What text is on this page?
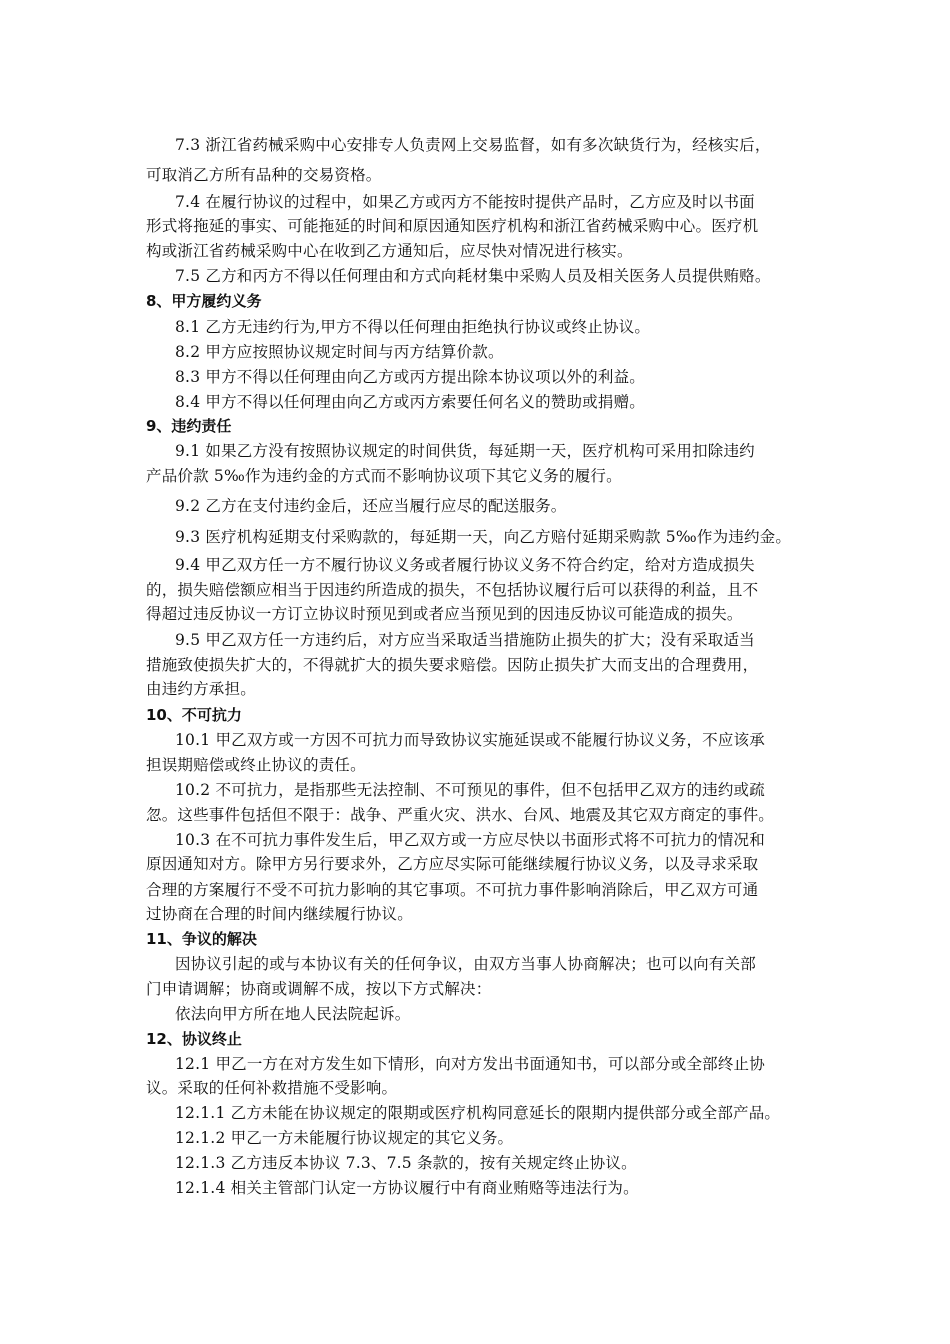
7.3 浙江省药械采购中心安排专人负责网上交易监督，如有多次缺货行为，经核实后，
可取消乙方所有品种的交易资格。
7.4 在履行协议的过程中，如果乙方或丙方不能按时提供产品时，乙方应及时以书面
形式将拖延的事实、可能拖延的时间和原因通知医疗机构和浙江省药械采购中心。医疗机
构或浙江省药械采购中心在收到乙方通知后，应尽快对情况进行核实。
7.5 乙方和丙方不得以任何理由和方式向耗材集中采购人员及相关医务人员提供贿赂。
8、甲方履约义务
8.1 乙方无违约行为,甲方不得以任何理由拒绝执行协议或终止协议。
8.2 甲方应按照协议规定时间与丙方结算价款。
8.3 甲方不得以任何理由向乙方或丙方提出除本协议项以外的利益。
8.4 甲方不得以任何理由向乙方或丙方索要任何名义的赞助或捐赠。
9、违约责任
9.1 如果乙方没有按照协议规定的时间供货，每延期一天，医疗机构可采用扣除违约
产品价款 5‰作为违约金的方式而不影响协议项下其它义务的履行。
9.2 乙方在支付违约金后，还应当履行应尽的配送服务。
9.3 医疗机构延期支付采购款的，每延期一天，向乙方赔付延期采购款 5‰作为违约金。
9.4 甲乙双方任一方不履行协议义务或者履行协议义务不符合约定，给对方造成损失
的，损失赔偿额应相当于因违约所造成的损失，不包括协议履行后可以获得的利益，且不
得超过违反协议一方订立协议时预见到或者应当预见到的因违反协议可能造成的损失。
9.5 甲乙双方任一方违约后，对方应当采取适当措施防止损失的扩大；没有采取适当
措施致使损失扩大的，不得就扩大的损失要求赔偿。因防止损失扩大而支出的合理费用，
由违约方承担。
10、不可抗力
10.1 甲乙双方或一方因不可抗力而导致协议实施延误或不能履行协议义务，不应该承
担误期赔偿或终止协议的责任。
10.2 不可抗力，是指那些无法控制、不可预见的事件，但不包括甲乙双方的违约或疏
忽。这些事件包括但不限于：战争、严重火灾、洪水、台风、地震及其它双方商定的事件。
10.3 在不可抗力事件发生后，甲乙双方或一方应尽快以书面形式将不可抗力的情况和
原因通知对方。除甲方另行要求外，乙方应尽实际可能继续履行协议义务，以及寻求采取
合理的方案履行不受不可抗力影响的其它事项。不可抗力事件影响消除后，甲乙双方可通
过协商在合理的时间内继续履行协议。
11、争议的解决
因协议引起的或与本协议有关的任何争议，由双方当事人协商解决；也可以向有关部
门申请调解；协商或调解不成，按以下方式解决：
依法向甲方所在地人民法院起诉。
12、协议终止
12.1 甲乙一方在对方发生如下情形，向对方发出书面通知书，可以部分或全部终止协
议。采取的任何补救措施不受影响。
12.1.1 乙方未能在协议规定的限期或医疗机构同意延长的限期内提供部分或全部产品。
12.1.2 甲乙一方未能履行协议规定的其它义务。
12.1.3 乙方违反本协议 7.3、7.5 条款的，按有关规定终止协议。
12.1.4 相关主管部门认定一方协议履行中有商业贿赂等违法行为。
